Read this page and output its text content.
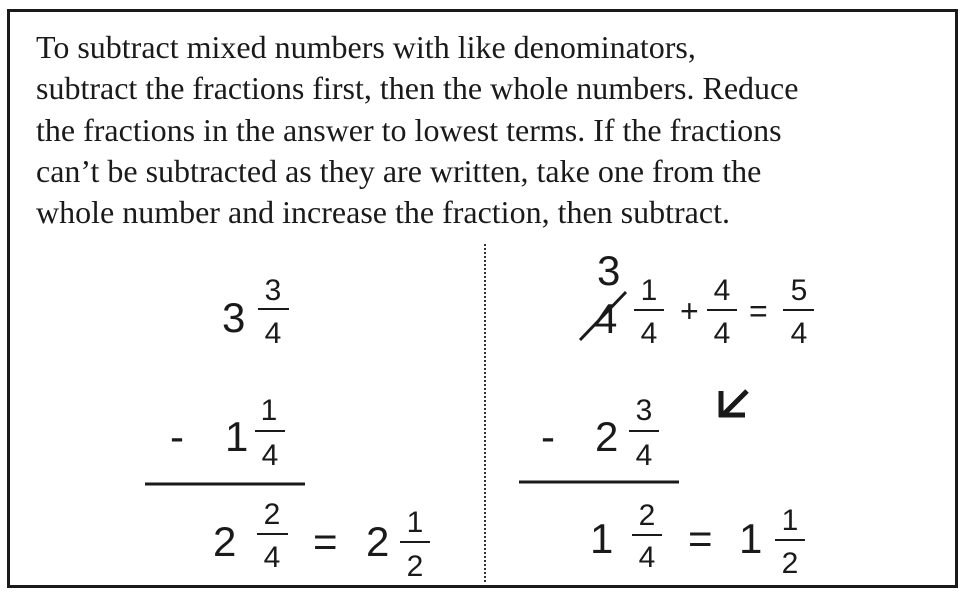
To subtract mixed numbers with like denominators,
subtract the fractions first, then the whole numbers. Reduce
the fractions in the answer to lowest terms. If the fractions
can’t be subtracted as they are written, take one from the
whole number and increase the fraction, then subtract.
3
3
4
- 1
1
4
2
2
4 = 2 1
2
3
4
1
4
+
4
4
=
5
4
- 2
3
4
1 2
4 = 1 1
2
